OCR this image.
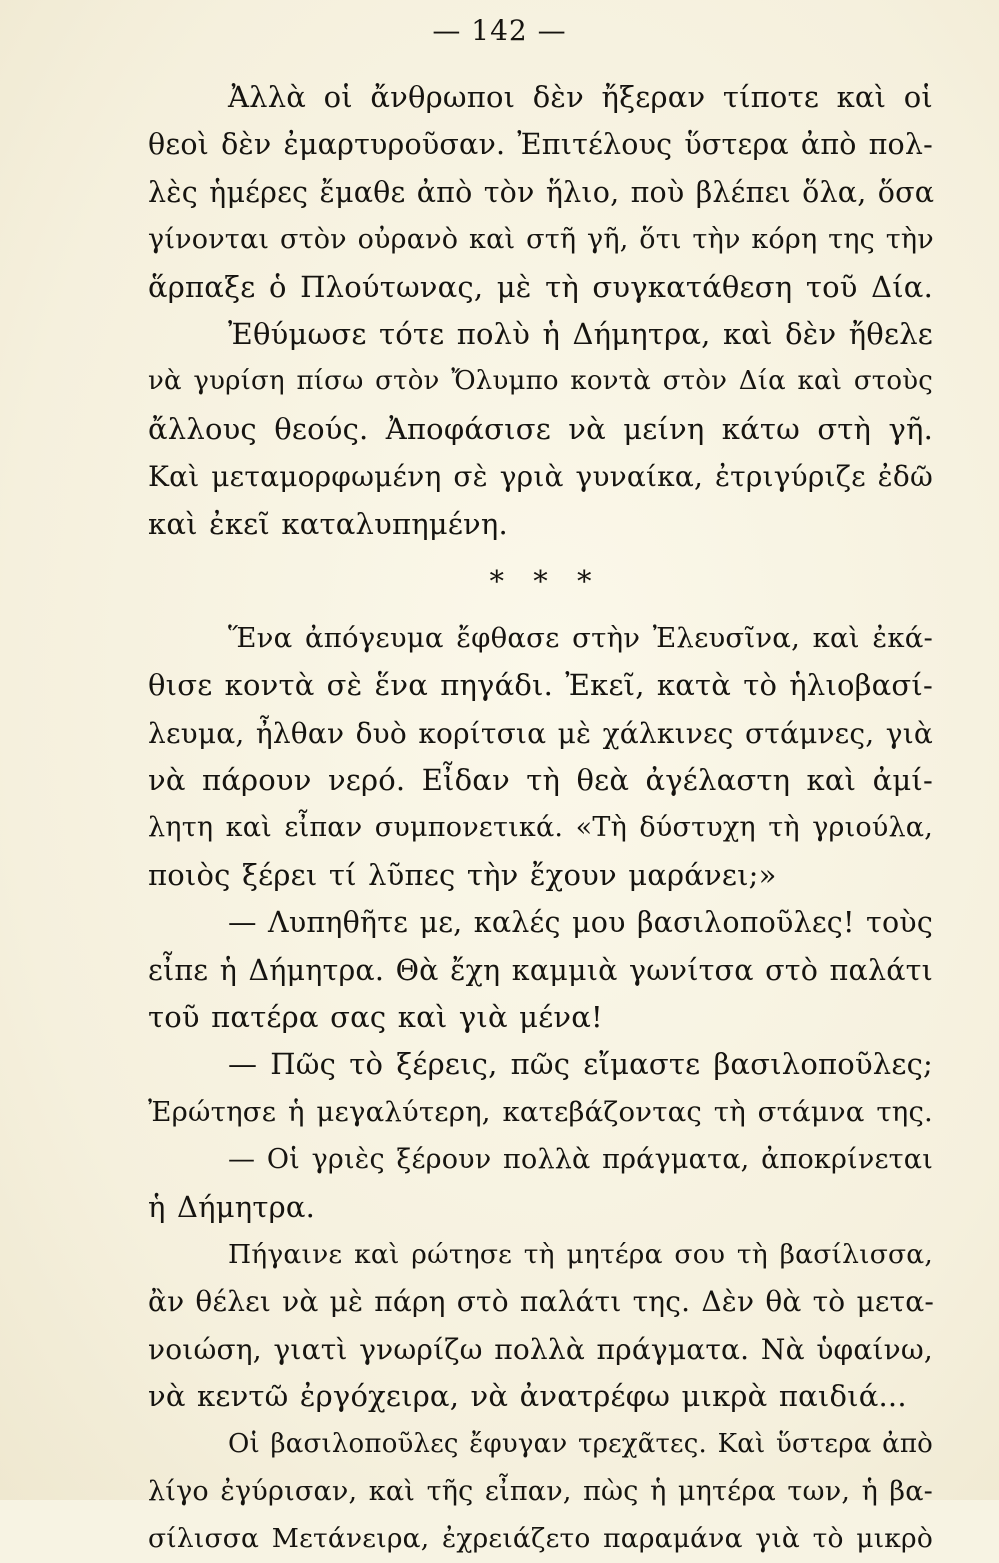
— 142 —
Ἀλλὰ οἱ ἄνθρωποι δὲν ἤξεραν τίποτε καὶ οἱ
θεοὶ δὲν ἐμαρτυροῦσαν. Ἐπιτέλους ὕστερα ἀπὸ πολ-
λὲς ἡμέρες ἔμαθε ἀπὸ τὸν ἥλιο, ποὺ βλέπει ὅλα, ὅσα
γίνονται στὸν οὐρανὸ καὶ στῆ γῆ, ὅτι τὴν κόρη της τὴν
ἅρπαξε ὁ Πλούτωνας, μὲ τὴ συγκατάθεση τοῦ Δία.
Ἐθύμωσε τότε πολὺ ἡ Δήμητρα, καὶ δὲν ἤθελε
νὰ γυρίση πίσω στὸν Ὄλυμπο κοντὰ στὸν Δία καὶ στοὺς
ἄλλους θεούς. Ἀποφάσισε νὰ μείνη κάτω στὴ γῆ.
Καὶ μεταμορφωμένη σὲ γριὰ γυναίκα, ἐτριγύριζε ἐδῶ
καὶ ἐκεῖ καταλυπημένη.
* * *
Ἕνα ἀπόγευμα ἔφθασε στὴν Ἐλευσῖνα, καὶ ἐκά-
θισε κοντὰ σὲ ἕνα πηγάδι. Ἐκεῖ, κατὰ τὸ ἡλιοβασί-
λευμα, ἦλθαν δυὸ κορίτσια μὲ χάλκινες στάμνες, γιὰ
νὰ πάρουν νερό. Εἶδαν τὴ θεὰ ἀγέλαστη καὶ ἀμί-
λητη καὶ εἶπαν συμπονετικά. «Τὴ δύστυχη τὴ γριούλα,
ποιὸς ξέρει τί λῦπες τὴν ἔχουν μαράνει;»
— Λυπηθῆτε με, καλές μου βασιλοποῦλες! τοὺς
εἶπε ἡ Δήμητρα. Θὰ ἔχη καμμιὰ γωνίτσα στὸ παλάτι
τοῦ πατέρα σας καὶ γιὰ μένα!
— Πῶς τὸ ξέρεις, πῶς εἴμαστε βασιλοποῦλες;
Ἐρώτησε ἡ μεγαλύτερη, κατεβάζοντας τὴ στάμνα της.
— Οἱ γριὲς ξέρουν πολλὰ πράγματα, ἀποκρίνεται
ἡ Δήμητρα.
Πήγαινε καὶ ρώτησε τὴ μητέρα σου τὴ βασίλισσα,
ἂν θέλει νὰ μὲ πάρη στὸ παλάτι της. Δὲν θὰ τὸ μετα-
νοιώση, γιατὶ γνωρίζω πολλὰ πράγματα. Νὰ ὑφαίνω,
νὰ κεντῶ ἐργόχειρα, νὰ ἀνατρέφω μικρὰ παιδιά...
Οἱ βασιλοποῦλες ἔφυγαν τρεχᾶτες. Καὶ ὕστερα ἀπὸ
λίγο ἐγύρισαν, καὶ τῆς εἶπαν, πὼς ἡ μητέρα των, ἡ βα-
σίλισσα Μετάνειρα, ἐχρειάζετο παραμάνα γιὰ τὸ μικρὸ
